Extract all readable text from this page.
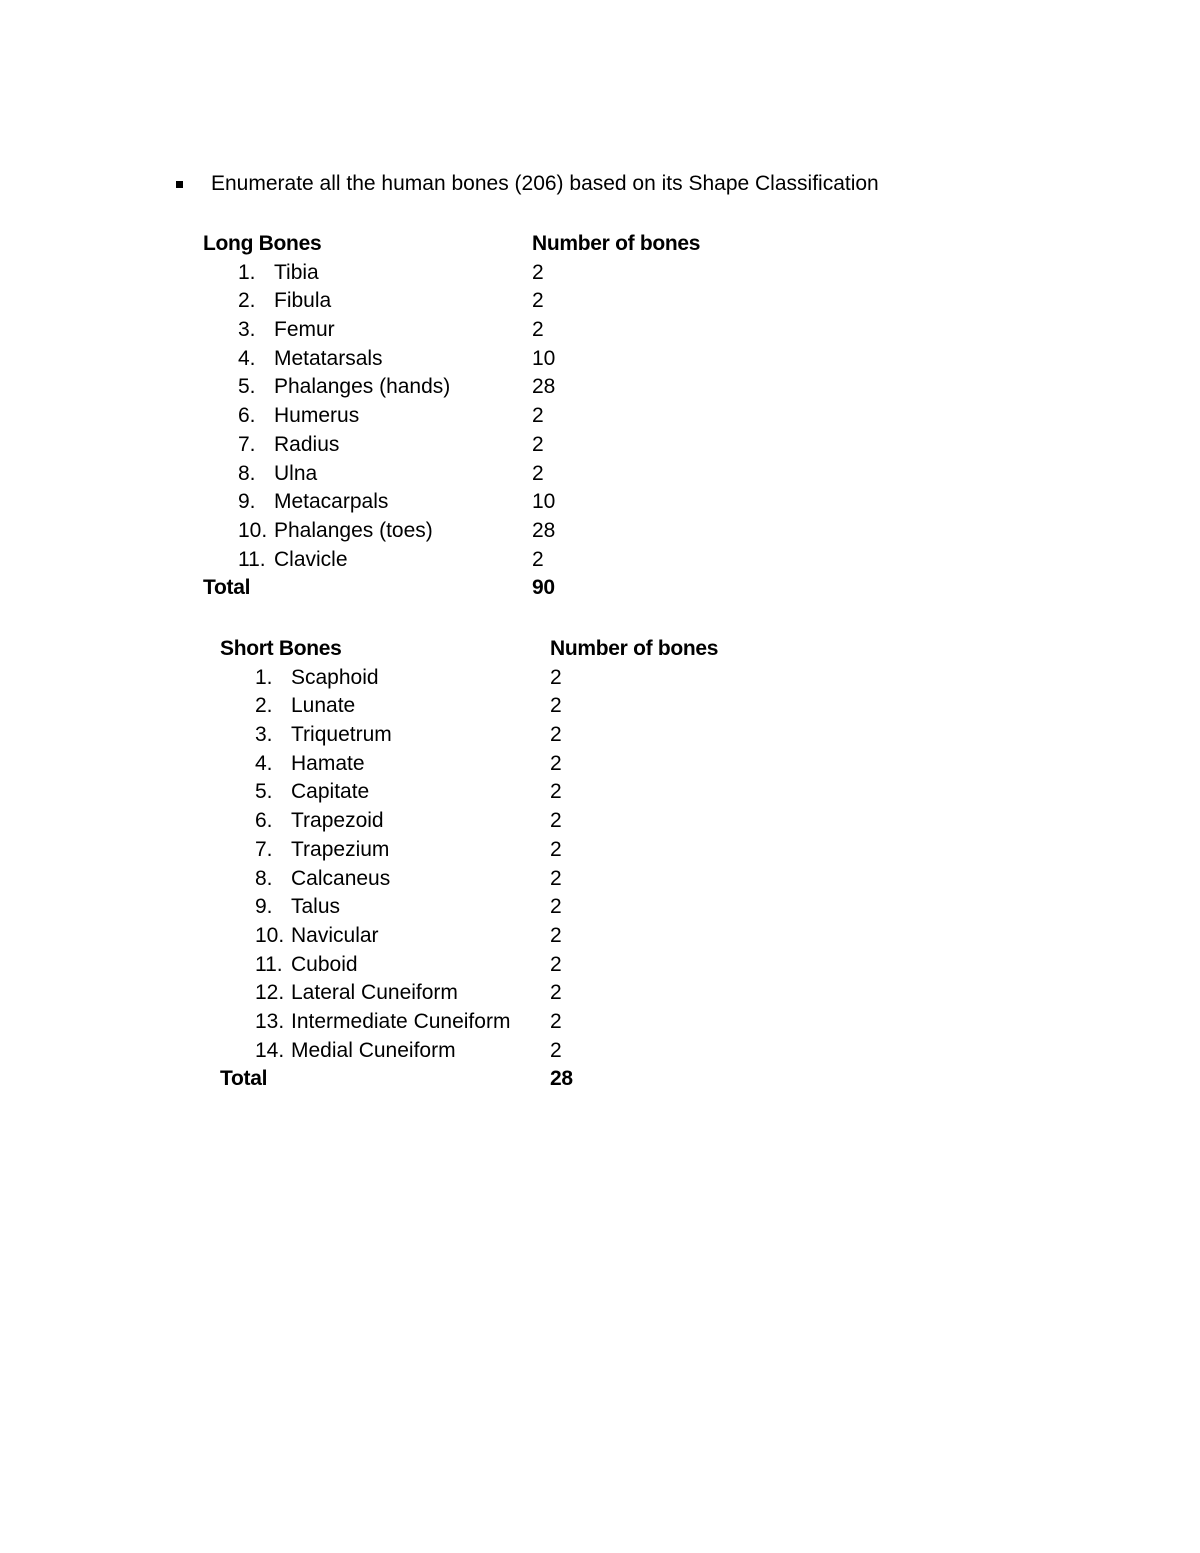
Enumerate all the human bones (206) based on its Shape Classification
Long Bones	Number of bones
1. Tibia	2
2. Fibula	2
3. Femur	2
4. Metatarsals	10
5. Phalanges (hands)	28
6. Humerus	2
7. Radius	2
8. Ulna	2
9. Metacarpals	10
10. Phalanges (toes)	28
11. Clavicle	2
Total	90
Short Bones	Number of bones
1. Scaphoid	2
2. Lunate	2
3. Triquetrum	2
4. Hamate	2
5. Capitate	2
6. Trapezoid	2
7. Trapezium	2
8. Calcaneus	2
9. Talus	2
10. Navicular	2
11. Cuboid	2
12. Lateral Cuneiform	2
13. Intermediate Cuneiform 2
14. Medial Cuneiform	2
Total	28
